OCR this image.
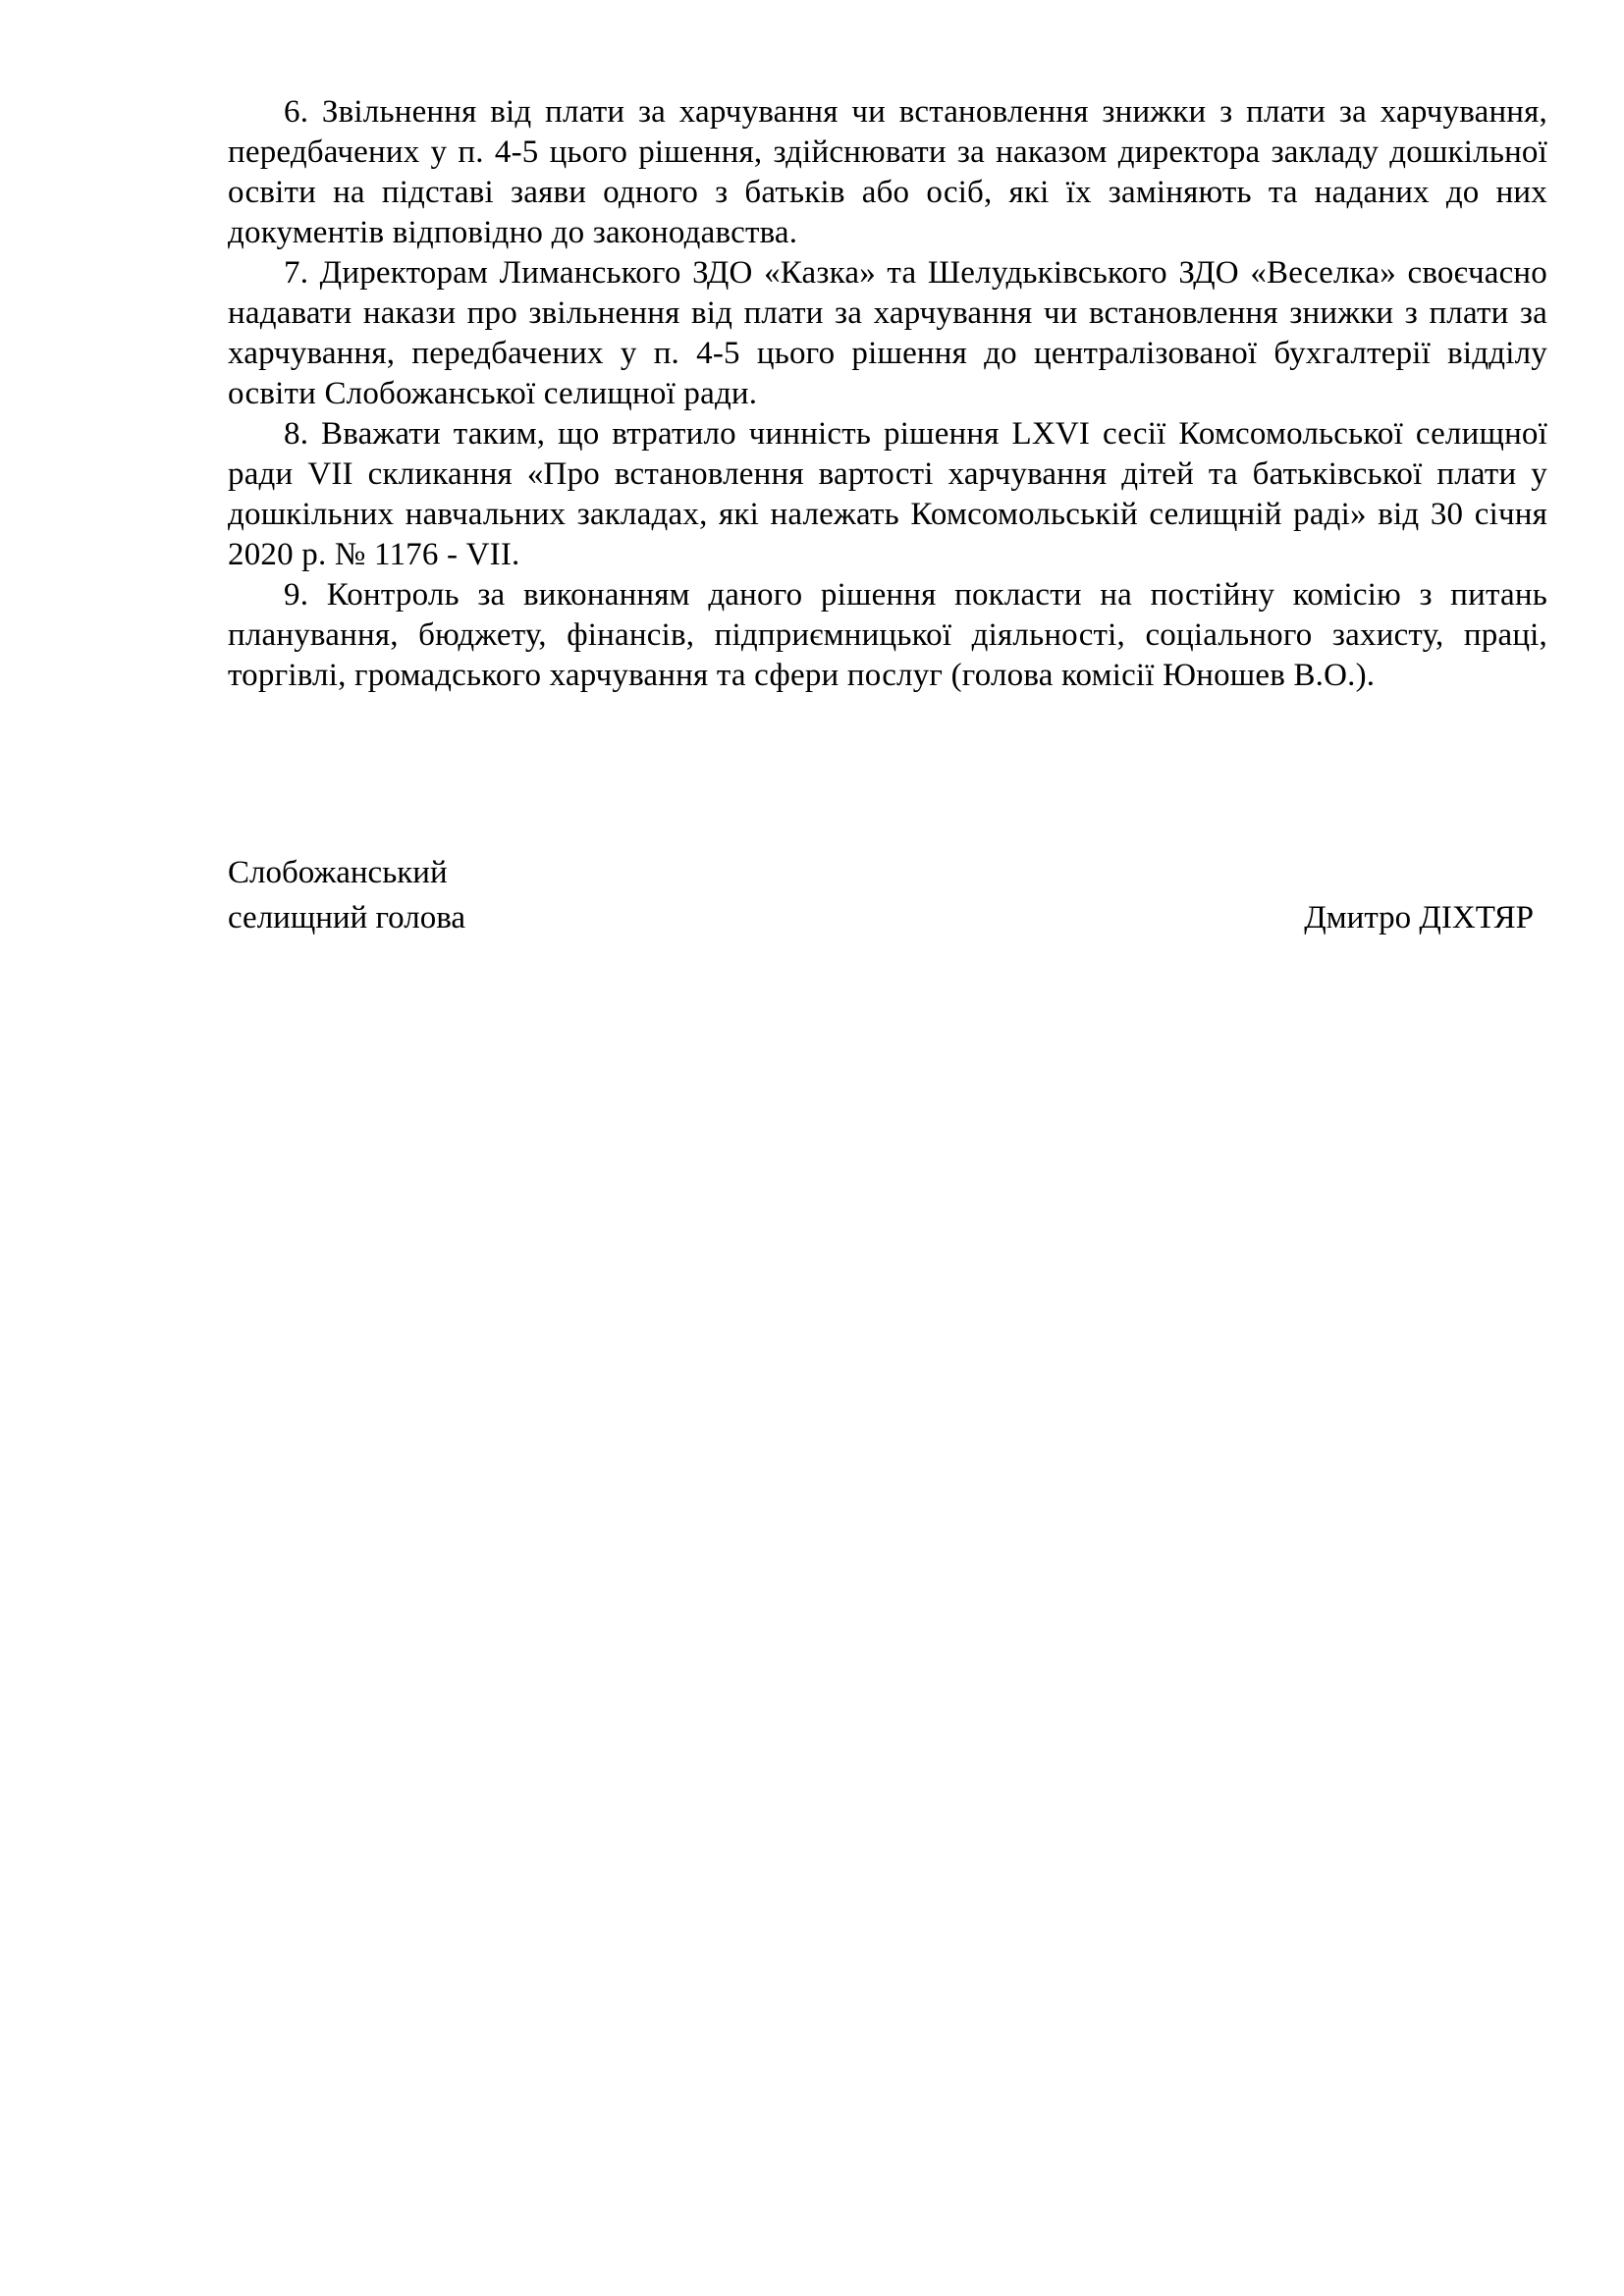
6. Звільнення від плати за харчування чи встановлення знижки з плати за харчування, передбачених у п. 4-5 цього рішення, здійснювати за наказом директора закладу дошкільної освіти на підставі заяви одного з батьків або осіб, які їх заміняють та наданих до них документів відповідно до законодавства.

7. Директорам Лиманського ЗДО «Казка» та Шелудьківського ЗДО «Веселка» своєчасно надавати накази про звільнення від плати за харчування чи встановлення знижки з плати за харчування, передбачених у п. 4-5 цього рішення до централізованої бухгалтерії відділу освіти Слобожанської селищної ради.

8. Вважати таким, що втратило чинність рішення LXVI сесії Комсомольської селищної ради VII скликання «Про встановлення вартості харчування дітей та батьківської плати у дошкільних навчальних закладах, які належать Комсомольській селищній раді» від 30 січня 2020 р. № 1176 - VII.

9. Контроль за виконанням даного рішення покласти на постійну комісію з питань планування, бюджету, фінансів, підприємницької діяльності, соціального захисту, праці, торгівлі, громадського харчування та сфери послуг (голова комісії Юношев В.О.).

Слобожанський
селищний голова	Дмитро ДІХТЯР
